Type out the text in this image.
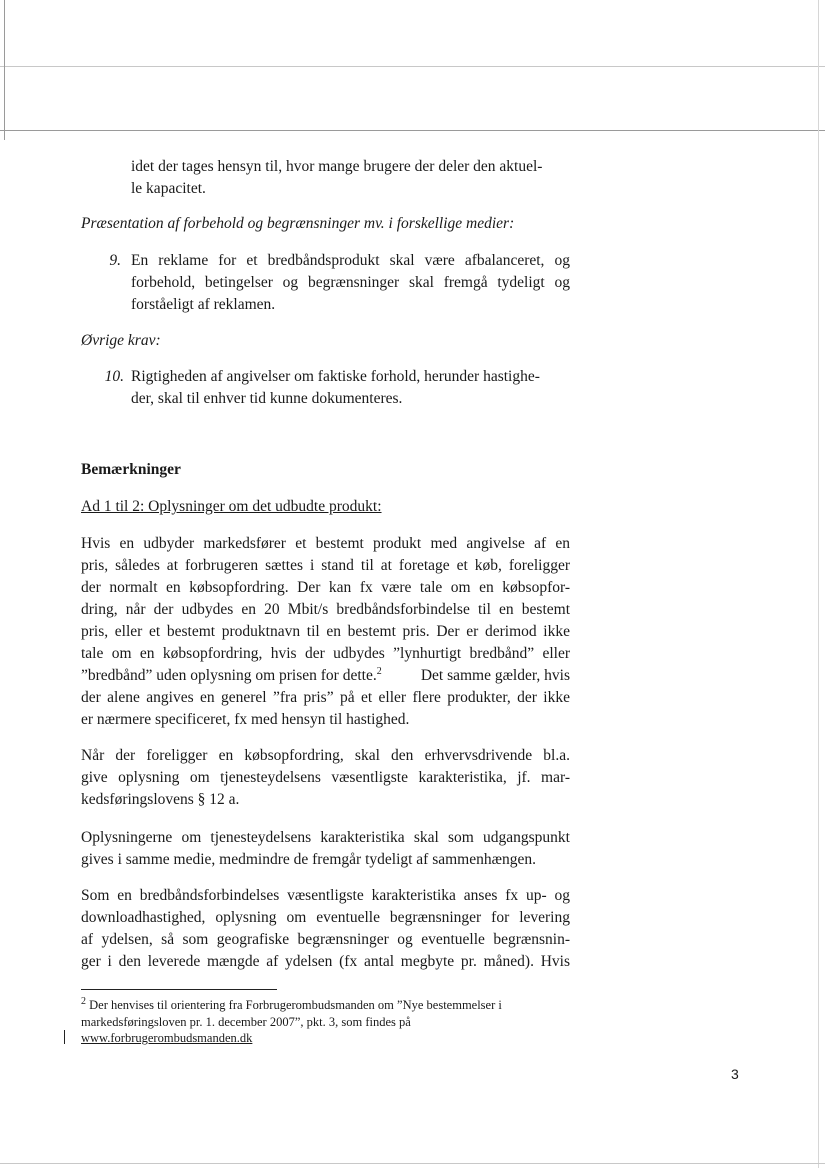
idet der tages hensyn til, hvor mange brugere der deler den aktuel-
le kapacitet.
Præsentation af forbehold og begrænsninger mv. i forskellige medier:
9. En reklame for et bredbåndsprodukt skal være afbalanceret, og
forbehold, betingelser og begrænsninger skal fremgå tydeligt og
forståeligt af reklamen.
Øvrige krav:
10. Rigtigheden af angivelser om faktiske forhold, herunder hastighe-
der, skal til enhver tid kunne dokumenteres.
Bemærkninger
Ad 1 til 2: Oplysninger om det udbudte produkt:
Hvis en udbyder markedsfører et bestemt produkt med angivelse af en
pris, således at forbrugeren sættes i stand til at foretage et køb, foreligger
der normalt en købsopfordring. Der kan fx være tale om en købsopfor-
dring, når der udbydes en 20 Mbit/s bredbåndsforbindelse til en bestemt
pris, eller et bestemt produktnavn til en bestemt pris. Der er derimod ikke
tale om en købsopfordring, hvis der udbydes ”lynhurtigt bredbånd” eller
”bredbånd” uden oplysning om prisen for dette.$^2$	Det samme gælder, hvis
der alene angives en generel ”fra pris” på et eller flere produkter, der ikke
er nærmere specificeret, fx med hensyn til hastighed.
Når der foreligger en købsopfordring, skal den erhvervsdrivende bl.a.
give oplysning om tjenesteydelsens væsentligste karakteristika, jf. mar-
kedsføringslovens § 12 a.
Oplysningerne om tjenesteydelsens karakteristika skal som udgangspunkt
gives i samme medie, medmindre de fremgår tydeligt af sammenhængen.
Som en bredbåndsforbindelses væsentligste karakteristika anses fx up- og
downloadhastighed, oplysning om eventuelle begrænsninger for levering
af ydelsen, så som geografiske begrænsninger og eventuelle begrænsnin-
ger i den leverede mængde af ydelsen (fx antal megbyte pr. måned). Hvis
$^2$ Der henvises til orientering fra Forbrugerombudsmanden om ”Nye bestemmelser i
markedsføringsloven pr. 1. december 2007”, pkt. 3, som findes på
www.forbrugerombudsmanden.dk
3
